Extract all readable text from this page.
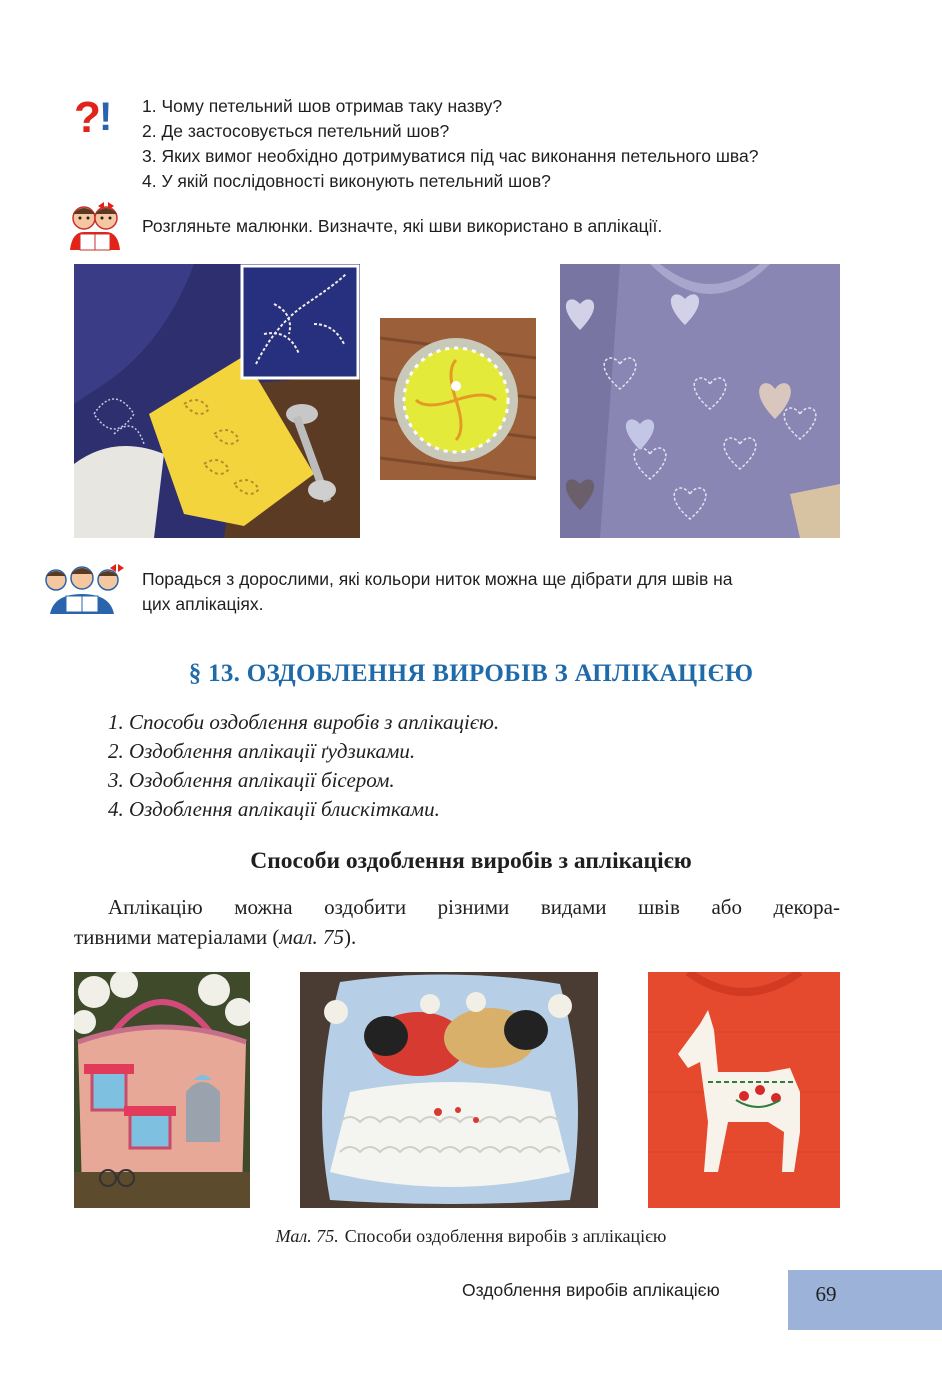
?
! 1. Чому петельний шов отримав таку назву?
2. Де застосовується петельний шов?
3. Яких вимог необхідно дотримуватися під час виконання петельного шва?
4. У якій послідовності виконують петельний шов?
Розгляньте малюнки. Визначте, які шви використано в аплікації.
Порадься з дорослими, які кольори ниток можна ще дібрати для швів на
цих аплікаціях.
§ 13. ОЗДОБЛЕННЯ ВИРОБІВ З АПЛІКАЦІЄЮ
1. Способи оздоблення виробів з аплікацією.
2. Оздоблення аплікації ґудзиками.
3. Оздоблення аплікації бісером.
4. Оздоблення аплікації блискітками.
Способи оздоблення виробів з аплікацією
Аплікацію можна оздобити різними видами швів або декора-
тивними матеріалами (мал. 75).
Мал. 75. Способи оздоблення виробів з аплікацією
Оздоблення виробів аплікацією	69
